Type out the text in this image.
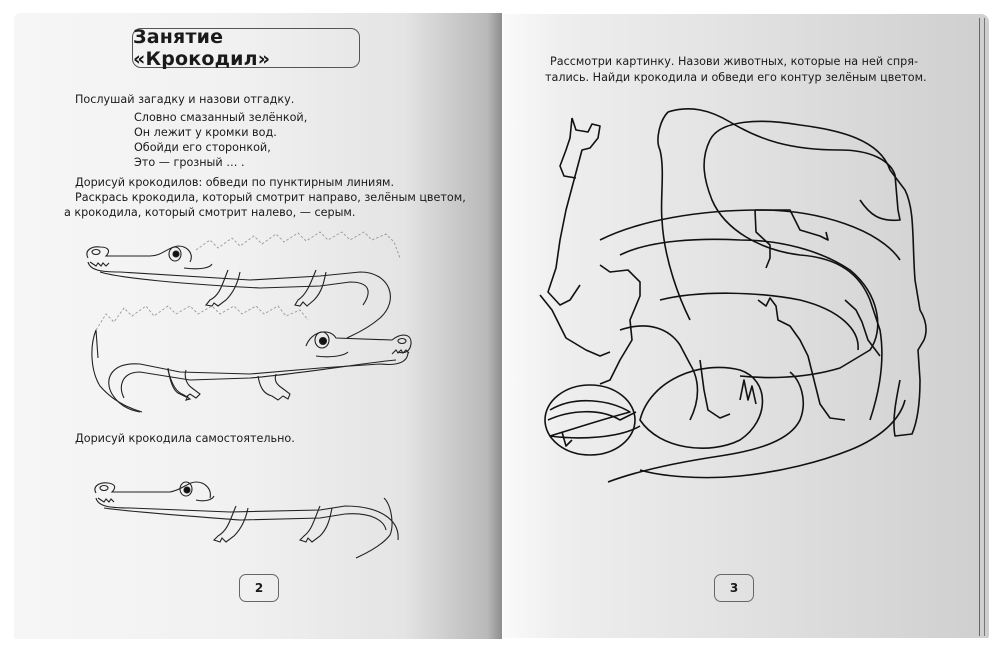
Занятие «Крокодил»
Послушай загадку и назови отгадку.
Словно смазанный зелёнкой,
Он лежит у кромки вод.
Обойди его сторонкой,
Это — грозный … .
Дорисуй крокодилов: обведи по пунктирным линиям.
Раскрась крокодила, который смотрит направо, зелёным цветом,
а крокодила, который смотрит налево, — серым.
Дорисуй крокодила самостоятельно.
2
Рассмотри картинку. Назови животных, которые на ней спря-
тались. Найди крокодила и обведи его контур зелёным цветом.
3
